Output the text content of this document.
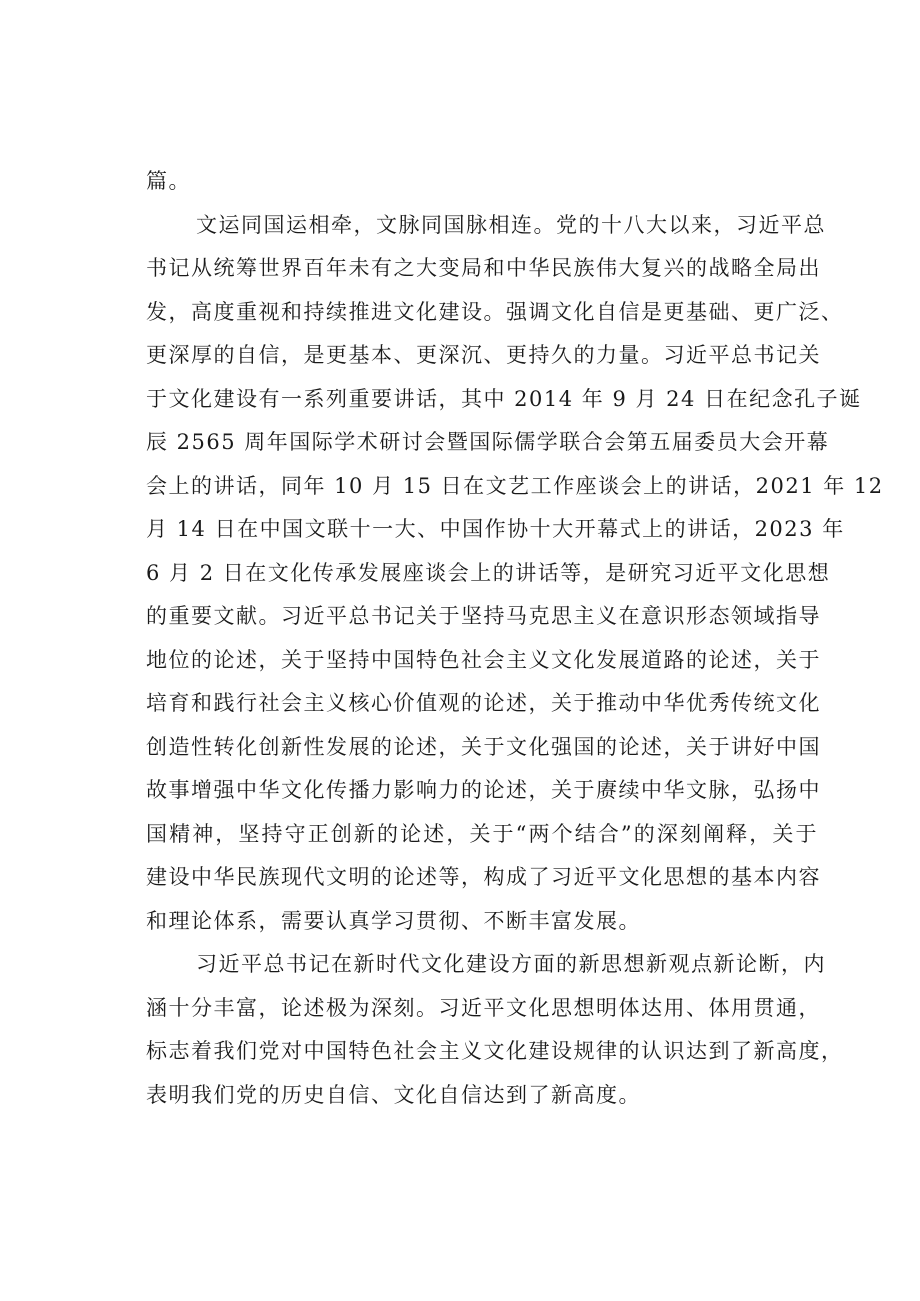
篇。
文运同国运相牵，文脉同国脉相连。党的十八大以来，习近平总
书记从统筹世界百年未有之大变局和中华民族伟大复兴的战略全局出
发，高度重视和持续推进文化建设。强调文化自信是更基础、更广泛、
更深厚的自信，是更基本、更深沉、更持久的力量。习近平总书记关
于文化建设有一系列重要讲话，其中 2014 年 9 月 24 日在纪念孔子诞
辰 2565 周年国际学术研讨会暨国际儒学联合会第五届委员大会开幕
会上的讲话，同年 10 月 15 日在文艺工作座谈会上的讲话，2021 年 12
月 14 日在中国文联十一大、中国作协十大开幕式上的讲话，2023 年
6 月 2 日在文化传承发展座谈会上的讲话等，是研究习近平文化思想
的重要文献。习近平总书记关于坚持马克思主义在意识形态领域指导
地位的论述，关于坚持中国特色社会主义文化发展道路的论述，关于
培育和践行社会主义核心价值观的论述，关于推动中华优秀传统文化
创造性转化创新性发展的论述，关于文化强国的论述，关于讲好中国
故事增强中华文化传播力影响力的论述，关于赓续中华文脉，弘扬中
国精神，坚持守正创新的论述，关于“两个结合”的深刻阐释，关于
建设中华民族现代文明的论述等，构成了习近平文化思想的基本内容
和理论体系，需要认真学习贯彻、不断丰富发展。
习近平总书记在新时代文化建设方面的新思想新观点新论断，内
涵十分丰富，论述极为深刻。习近平文化思想明体达用、体用贯通，
标志着我们党对中国特色社会主义文化建设规律的认识达到了新高度，
表明我们党的历史自信、文化自信达到了新高度。
